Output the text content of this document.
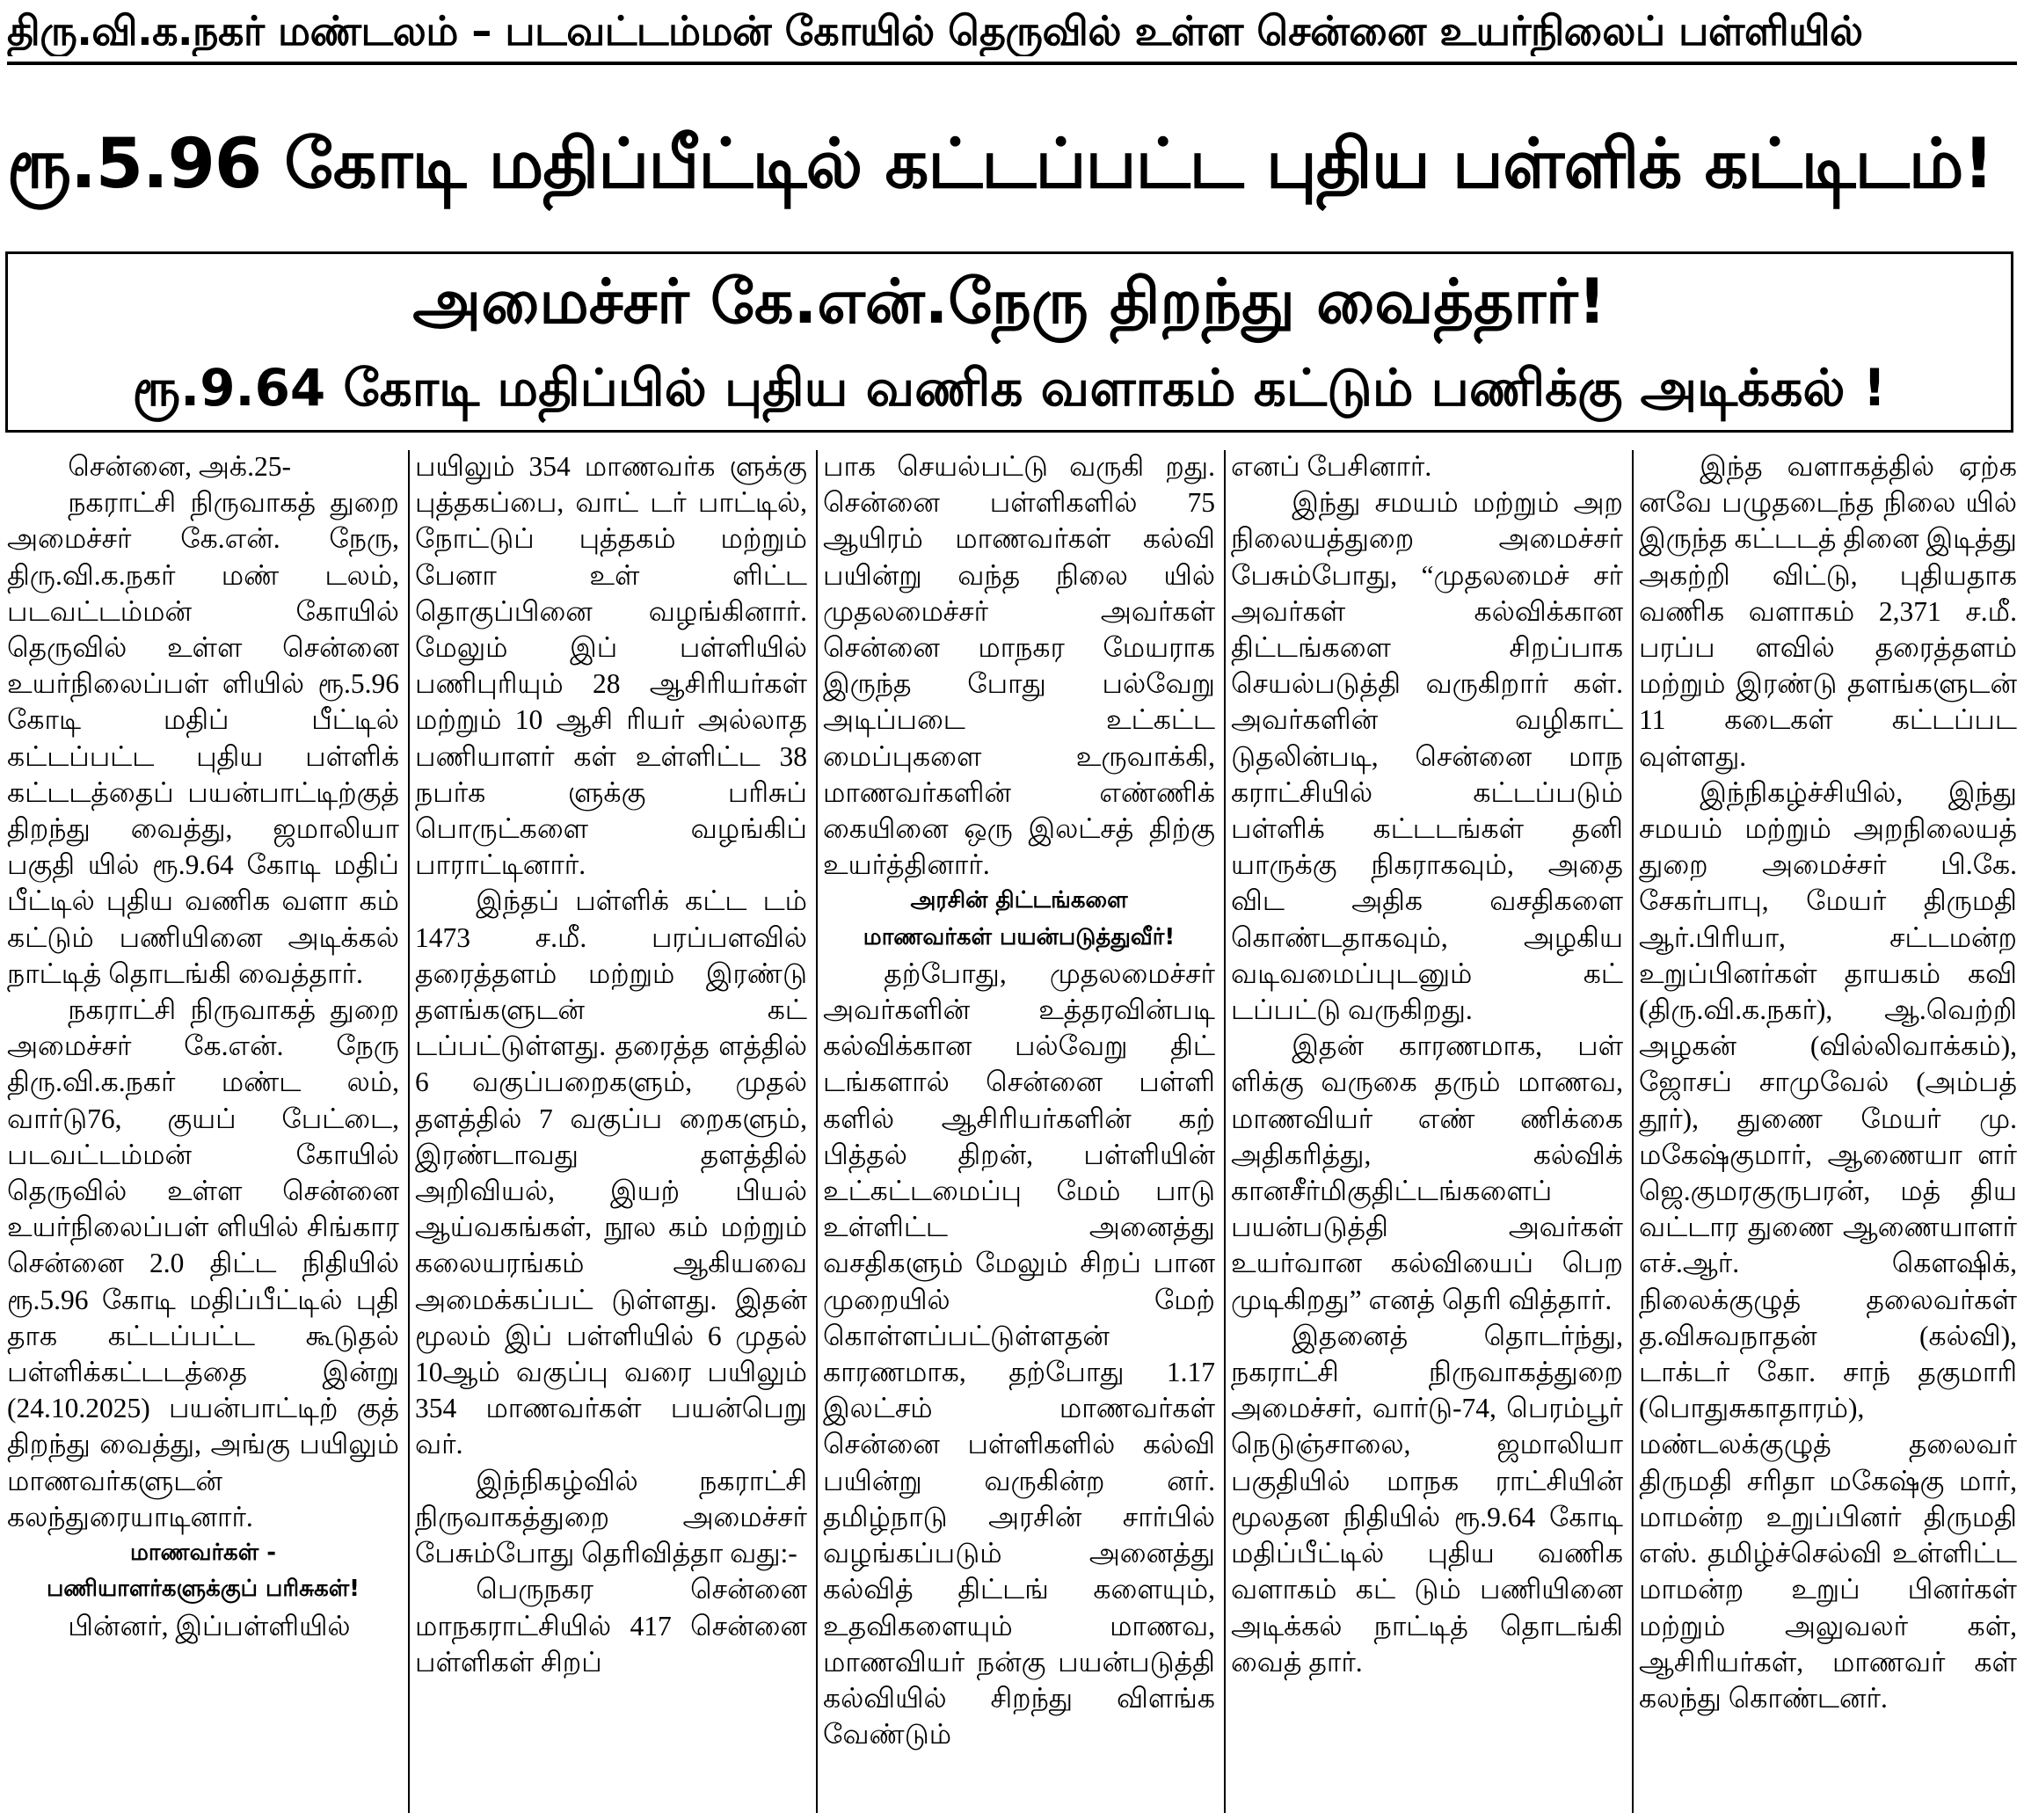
திரு.வி.க.நகர் மண்டலம் – படவட்டம்மன் கோயில் தெருவில் உள்ள சென்னை உயர்நிலைப் பள்ளியில்
ரூ.5.96 கோடி மதிப்பீட்டில் கட்டப்பட்ட புதிய பள்ளிக் கட்டிடம்!
அமைச்சர் கே.என்.நேரு திறந்து வைத்தார்!
ரூ.9.64 கோடி மதிப்பில் புதிய வணிக வளாகம் கட்டும் பணிக்கு அடிக்கல் !

சென்னை, அக்.25-

நகராட்சி நிருவாகத் துறை அமைச்சர் கே.என். நேரு, திரு.வி.க.நகர் மண் டலம், படவட்டம்மன் கோயில் தெருவில் உள்ள சென்னை உயர்நிலைப்பள் ளியில் ரூ.5.96 கோடி மதிப் பீட்டில் கட்டப்பட்ட புதிய பள்ளிக் கட்டடத்தைப் பயன்பாட்டிற்குத் திறந்து வைத்து, ஜமாலியா பகுதி யில் ரூ.9.64 கோடி மதிப் பீட்டில் புதிய வணிக வளா கம் கட்டும் பணியினை அடிக்கல் நாட்டித் தொடங்கி வைத்தார்.

நகராட்சி நிருவாகத் துறை அமைச்சர் கே.என். நேரு திரு.வி.க.நகர் மண்ட லம், வார்டு76, குயப் பேட்டை, படவட்டம்மன் கோயில் தெருவில் உள்ள சென்னை உயர்நிலைப்பள் ளியில் சிங்கார சென்னை 2.0 திட்ட நிதியில் ரூ.5.96 கோடி மதிப்பீட்டில் புதி தாக கட்டப்பட்ட கூடுதல் பள்ளிக்கட்டடத்தை இன்று (24.10.2025) பயன்பாட்டிற் குத் திறந்து வைத்து, அங்கு பயிலும் மாணவர்களுடன் கலந்துரையாடினார்.

மாணவர்கள் -

பணியாளர்களுக்குப் பரிசுகள்!

பின்னர், இப்பள்ளியில்

பயிலும் 354 மாணவர்க ளுக்கு புத்தகப்பை, வாட் டர் பாட்டில், நோட்டுப் புத்தகம் மற்றும் பேனா உள் ளிட்ட தொகுப்பினை வழங்கினார். மேலும் இப் பள்ளியில் பணிபுரியும் 28 ஆசிரியர்கள் மற்றும் 10 ஆசி ரியர் அல்லாத பணியாளர் கள் உள்ளிட்ட 38 நபர்க ளுக்கு பரிசுப் பொருட்களை வழங்கிப் பாராட்டினார்.

இந்தப் பள்ளிக் கட்ட டம் 1473 ச.மீ. பரப்பளவில் தரைத்தளம் மற்றும் இரண்டு தளங்களுடன் கட் டப்பட்டுள்ளது. தரைத்த ளத்தில் 6 வகுப்பறைகளும், முதல் தளத்தில் 7 வகுப்ப றைகளும், இரண்டாவது தளத்தில் அறிவியல், இயற் பியல் ஆய்வகங்கள், நூல கம் மற்றும் கலையரங்கம் ஆகியவை அமைக்கப்பட் டுள்ளது. இதன் மூலம் இப் பள்ளியில் 6 முதல் 10ஆம் வகுப்பு வரை பயிலும் 354 மாணவர்கள் பயன்பெறு வர்.

இந்நிகழ்வில் நகராட்சி நிருவாகத்துறை அமைச்சர் பேசும்போது தெரிவித்தா வது:-

பெருநகர சென்னை மாநகராட்சியில் 417 சென்னை பள்ளிகள் சிறப்

பாக செயல்பட்டு வருகி றது. சென்னை பள்ளிகளில் 75 ஆயிரம் மாணவர்கள் கல்வி பயின்று வந்த நிலை யில் முதலமைச்சர் அவர்கள் சென்னை மாநகர மேயராக இருந்த போது பல்வேறு அடிப்படை உட்கட்ட மைப்புகளை உருவாக்கி, மாணவர்களின் எண்ணிக் கையினை ஒரு இலட்சத் திற்கு உயர்த்தினார்.

அரசின் திட்டங்களை

மாணவர்கள் பயன்படுத்துவீர்!

தற்போது, முதலமைச்சர் அவர்களின் உத்தரவின்படி கல்விக்கான பல்வேறு திட் டங்களால் சென்னை பள்ளி களில் ஆசிரியர்களின் கற் பித்தல் திறன், பள்ளியின் உட்கட்டமைப்பு மேம் பாடு உள்ளிட்ட அனைத்து வசதிகளும் மேலும் சிறப் பான முறையில் மேற் கொள்ளப்பட்டுள்ளதன் காரணமாக, தற்போது 1.17 இலட்சம் மாணவர்கள் சென்னை பள்ளிகளில் கல்வி பயின்று வருகின்ற னர். தமிழ்நாடு அரசின் சார்பில் வழங்கப்படும் அனைத்து கல்வித் திட்டங் களையும், உதவிகளையும் மாணவ, மாணவியர் நன்கு பயன்படுத்தி கல்வியில் சிறந்து விளங்க வேண்டும்

எனப் பேசினார்.

இந்து சமயம் மற்றும் அற நிலையத்துறை அமைச்சர் பேசும்போது, “முதலமைச் சர் அவர்கள் கல்விக்கான திட்டங்களை சிறப்பாக செயல்படுத்தி வருகிறார் கள். அவர்களின் வழிகாட் டுதலின்படி, சென்னை மாந கராட்சியில் கட்டப்படும் பள்ளிக் கட்டடங்கள் தனி யாருக்கு நிகராகவும், அதை விட அதிக வசதிகளை கொண்டதாகவும், அழகிய வடிவமைப்புடனும் கட் டப்பட்டு வருகிறது.

இதன் காரணமாக, பள் ளிக்கு வருகை தரும் மாணவ, மாணவியர் எண் ணிக்கை அதிகரித்து, கல்விக் கானசீர்மிகுதிட்டங்களைப் பயன்படுத்தி அவர்கள் உயர்வான கல்வியைப் பெற முடிகிறது” எனத் தெரி வித்தார்.

இதனைத் தொடர்ந்து, நகராட்சி நிருவாகத்துறை அமைச்சர், வார்டு-74, பெரம்பூர் நெடுஞ்சாலை, ஜமாலியா பகுதியில் மாநக ராட்சியின் மூலதன நிதியில் ரூ.9.64 கோடி மதிப்பீட்டில் புதிய வணிக வளாகம் கட் டும் பணியினை அடிக்கல் நாட்டித் தொடங்கி வைத் தார்.

இந்த வளாகத்தில் ஏற்க னவே பழுதடைந்த நிலை யில் இருந்த கட்டடத் தினை இடித்து அகற்றி விட்டு, புதியதாக வணிக வளாகம் 2,371 ச.மீ. பரப்ப ளவில் தரைத்தளம் மற்றும் இரண்டு தளங்களுடன் 11 கடைகள் கட்டப்பட வுள்ளது.

இந்நிகழ்ச்சியில், இந்து சமயம் மற்றும் அறநிலையத் துறை அமைச்சர் பி.கே. சேகர்பாபு, மேயர் திருமதி ஆர்.பிரியா, சட்டமன்ற உறுப்பினர்கள் தாயகம் கவி (திரு.வி.க.நகர்), ஆ.வெற்றி அழகன் (வில்லிவாக்கம்), ஜோசப் சாமுவேல் (அம்பத் தூர்), துணை மேயர் மு. மகேஷ்குமார், ஆணையா ளர் ஜெ.குமரகுருபரன், மத் திய வட்டார துணை ஆணையாளர் எச்.ஆர். கௌஷிக், நிலைக்குழுத் தலைவர்கள் த.விசுவநாதன் (கல்வி), டாக்டர் கோ. சாந் தகுமாரி (பொதுசுகாதாரம்), மண்டலக்குழுத் தலைவர் திருமதி சரிதா மகேஷ்கு மார், மாமன்ற உறுப்பினர் திருமதி எஸ். தமிழ்ச்செல்வி உள்ளிட்ட மாமன்ற உறுப் பினர்கள் மற்றும் அலுவலர் கள், ஆசிரியர்கள், மாணவர் கள் கலந்து கொண்டனர்.
